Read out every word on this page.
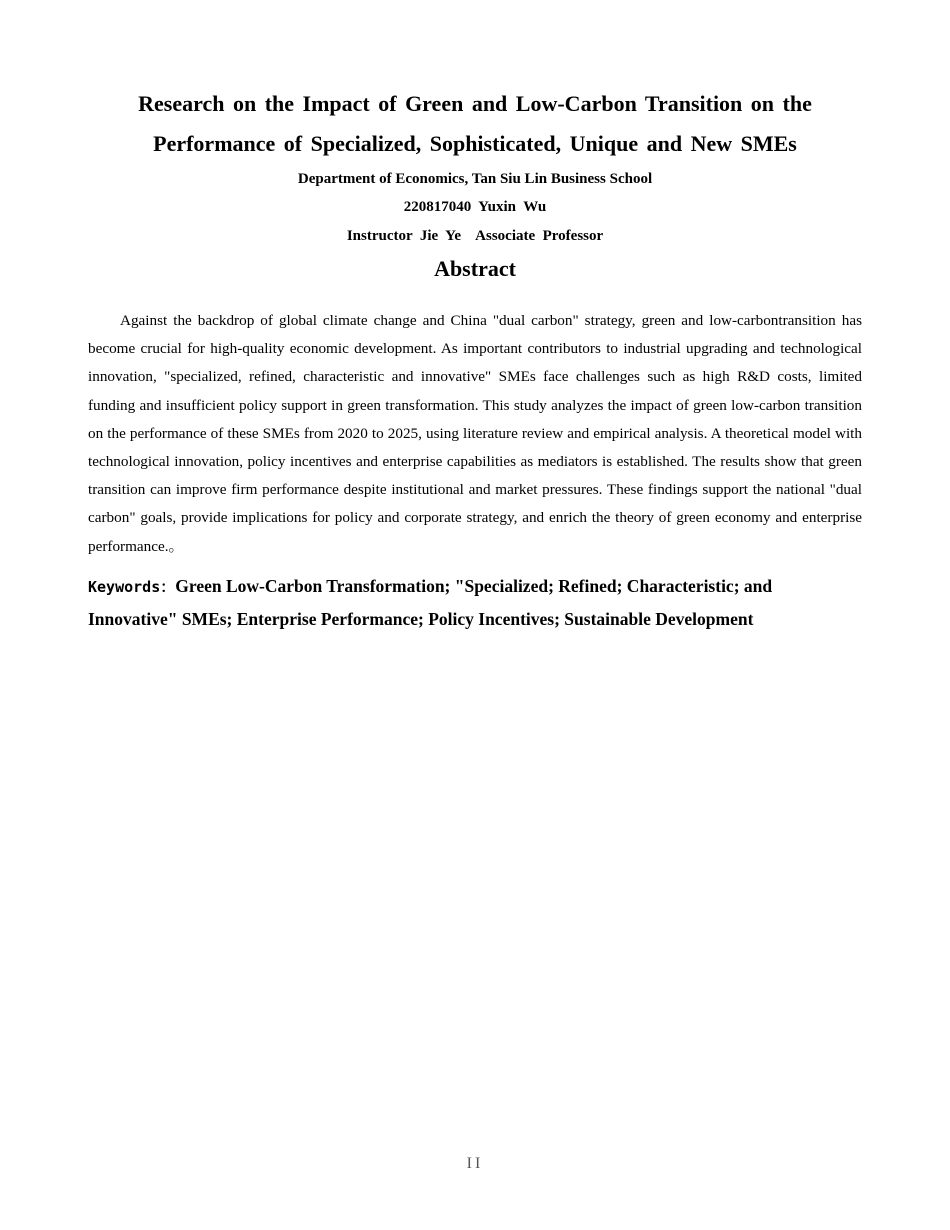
Research on the Impact of Green and Low-Carbon Transition on the
Performance of Specialized, Sophisticated, Unique and New SMEs

Department of Economics, Tan Siu Lin Business School

220817040  Yuxin  Wu

Instructor  Jie  Ye    Associate  Professor

Abstract

Against the backdrop of global climate change and China "dual carbon" strategy, green and low-carbontransition has become crucial for high-quality economic development. As important contributors to industrial upgrading and technological innovation, "specialized, refined, characteristic and innovative" SMEs face challenges such as high R&D costs, limited funding and insufficient policy support in green transformation. This study analyzes the impact of green low-carbon transition on the performance of these SMEs from 2020 to 2025, using literature review and empirical analysis. A theoretical model with technological innovation, policy incentives and enterprise capabilities as mediators is established. The results show that green transition can improve firm performance despite institutional and market pressures. These findings support the national "dual carbon" goals, provide implications for policy and corporate strategy, and enrich the theory of green economy and enterprise performance.。

Keywords：Green Low-Carbon Transformation; "Specialized; Refined; Characteristic; and Innovative" SMEs; Enterprise Performance; Policy Incentives; Sustainable Development

II
